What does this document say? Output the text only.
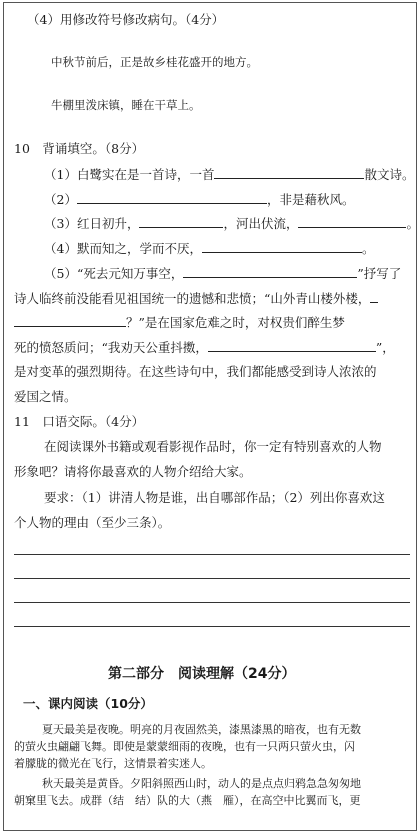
（4）用修改符号修改病句。（4分）
中秋节前后，正是故乡桂花盛开的地方。
牛棚里泼床镇，睡在干草上。
10　背诵填空。（8分）
（1）白鹭实在是一首诗，一首	散文诗。
（2）	，非是藉秋风。
（3）红日初升，	，河出伏流，	。
（4）默而知之，学而不厌，	。
（5）“死去元知万事空，	”抒写了
诗人临终前没能看见祖国统一的遗憾和悲愤；“山外青山楼外楼，
？”是在国家危难之时，对权贵们醉生梦
死的愤怒质问；“我劝天公重抖擞，	”，
是对变革的强烈期待。在这些诗句中，我们都能感受到诗人浓浓的
爱国之情。
11　口语交际。（4分）
在阅读课外书籍或观看影视作品时，你一定有特别喜欢的人物
形象吧？请将你最喜欢的人物介绍给大家。
要求：（1）讲清人物是谁，出自哪部作品；（2）列出你喜欢这
个人物的理由（至少三条）。
第二部分　阅读理解（24分）
一、课内阅读（10分）
夏天最美是夜晚。明亮的月夜固然美，漆黑漆黑的暗夜，也有无数
的萤火虫翩翩飞舞。即使是蒙蒙细雨的夜晚，也有一只两只萤火虫，闪
着朦胧的微光在飞行，这情景着实迷人。
秋天最美是黄昏。夕阳斜照西山时，动人的是点点归鸦急急匆匆地
朝窠里飞去。成群（结　结）队的大（燕　雁），在高空中比翼而飞，更
